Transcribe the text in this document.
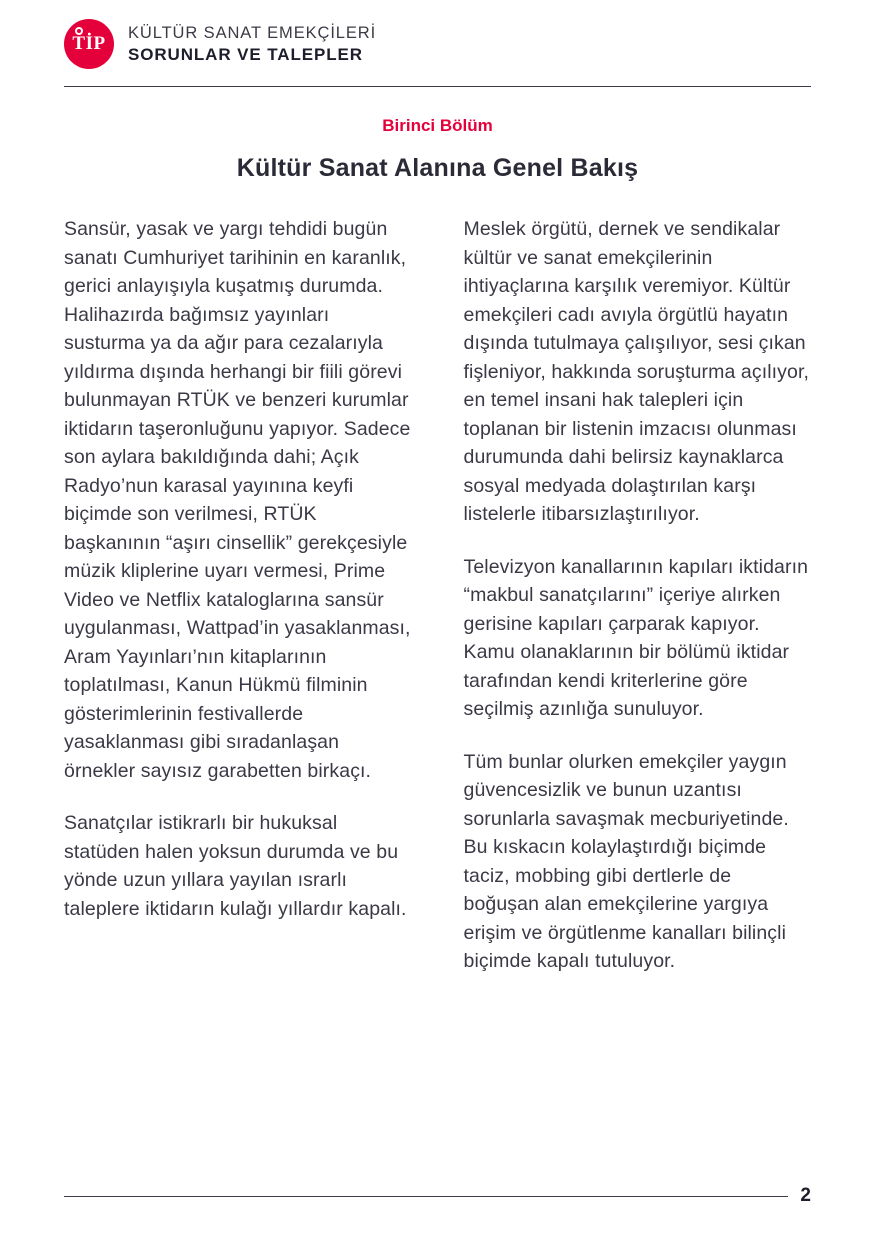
TİP
KÜLTÜR SANAT EMEKÇİLERİ
SORUNLAR VE TALEPLER
Birinci Bölüm
Kültür Sanat Alanına Genel Bakış

Sansür, yasak ve yargı tehdidi bugün sanatı Cumhuriyet tarihinin en karanlık, gerici anlayışıyla kuşatmış durumda. Halihazırda bağımsız yayınları susturma ya da ağır para cezalarıyla yıldırma dışında herhangi bir fiili görevi bulunmayan RTÜK ve benzeri kurumlar iktidarın taşeronluğunu yapıyor. Sadece son aylara bakıldığında dahi; Açık Radyo’nun karasal yayınına keyfi biçimde son verilmesi, RTÜK başkanının “aşırı cinsellik” gerekçesiyle müzik kliplerine uyarı vermesi, Prime Video ve Netflix kataloglarına sansür uygulanması, Wattpad’in yasaklanması, Aram Yayınları’nın kitaplarının toplatılması, Kanun Hükmü filminin gösterimlerinin festivallerde yasaklanması gibi sıradanlaşan örnekler sayısız garabetten birkaçı.

Sanatçılar istikrarlı bir hukuksal statüden halen yoksun durumda ve bu yönde uzun yıllara yayılan ısrarlı taleplere iktidarın kulağı yıllardır kapalı.

Meslek örgütü, dernek ve sendikalar kültür ve sanat emekçilerinin ihtiyaçlarına karşılık veremiyor. Kültür emekçileri cadı avıyla örgütlü hayatın dışında tutulmaya çalışılıyor, sesi çıkan fişleniyor, hakkında soruşturma açılıyor, en temel insani hak talepleri için toplanan bir listenin imzacısı olunması durumunda dahi belirsiz kaynaklarca sosyal medyada dolaştırılan karşı listelerle itibarsızlaştırılıyor.

Televizyon kanallarının kapıları iktidarın “makbul sanatçılarını” içeriye alırken gerisine kapıları çarparak kapıyor. Kamu olanaklarının bir bölümü iktidar tarafından kendi kriterlerine göre seçilmiş azınlığa sunuluyor.

Tüm bunlar olurken emekçiler yaygın güvencesizlik ve bunun uzantısı sorunlarla savaşmak mecburiyetinde. Bu kıskacın kolaylaştırdığı biçimde taciz, mobbing gibi dertlerle de boğuşan alan emekçilerine yargıya erişim ve örgütlenme kanalları bilinçli biçimde kapalı tutuluyor.

2
